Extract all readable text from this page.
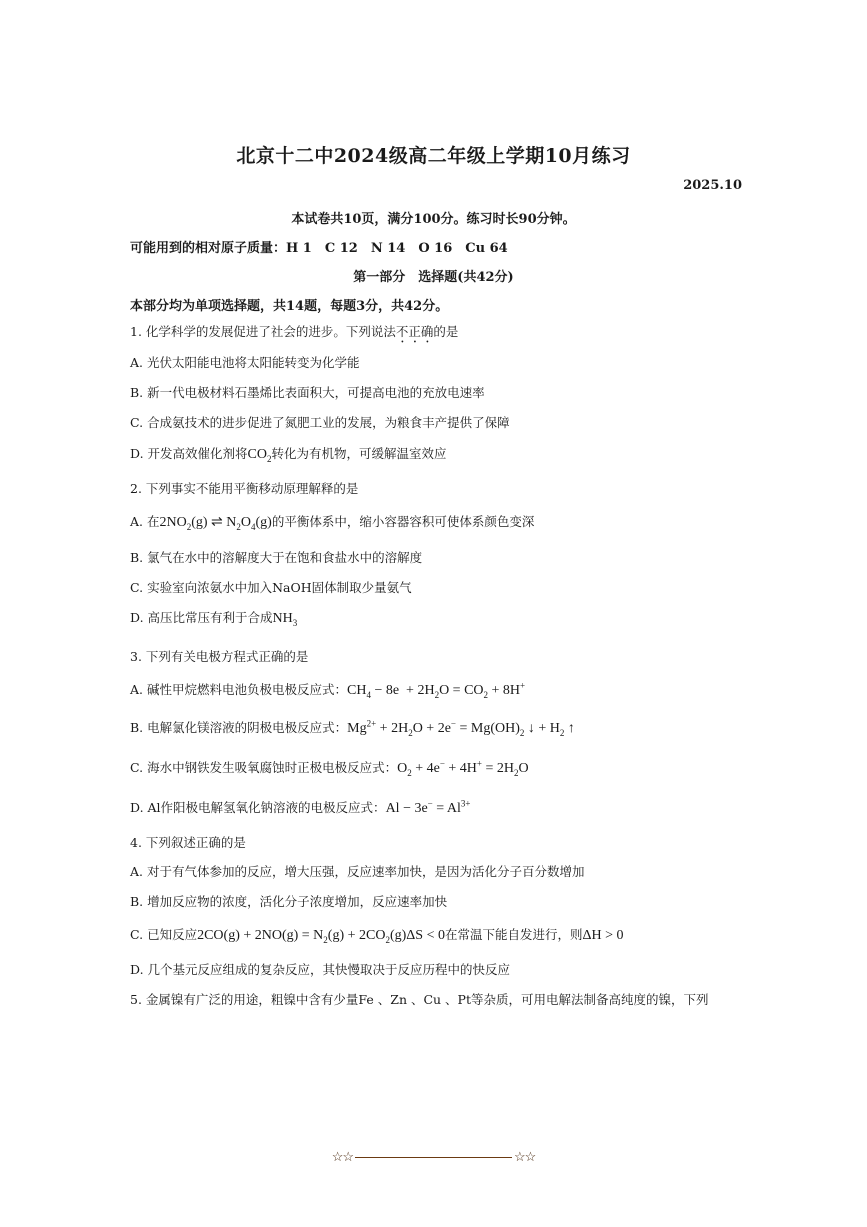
北京十二中2024级高二年级上学期10月练习
2025.10
本试卷共10页，满分100分。练习时长90分钟。
可能用到的相对原子质量：H 1　C 12　N 14　O 16　Cu 64
第一部分　选择题(共42分)
本部分均为单项选择题，共14题，每题3分，共42分。
1. 化学科学的发展促进了社会的进步。下列说法不正确的是
A. 光伏太阳能电池将太阳能转变为化学能
B. 新一代电极材料石墨烯比表面积大，可提高电池的充放电速率
C. 合成氨技术的进步促进了氮肥工业的发展，为粮食丰产提供了保障
D. 开发高效催化剂将$CO_2$转化为有机物，可缓解温室效应
2. 下列事实不能用平衡移动原理解释的是
A. 在$2NO_2(g)$ ⇌ $N_2O_4(g)$的平衡体系中，缩小容器容积可使体系颜色变深
B. 氯气在水中的溶解度大于在饱和食盐水中的溶解度
C. 实验室向浓氨水中加入NaOH固体制取少量氨气
D. 高压比常压有利于合成$NH_3$
3. 下列有关电极方程式正确的是
A. 碱性甲烷燃料电池负极电极反应式：$CH_4 - 8e + 2H_2O = CO_2 + 8H^+$
B. 电解氯化镁溶液的阴极电极反应式：$Mg^{2+} + 2H_2O + 2e^- = Mg(OH)_2$ ↓ + $H_2$ ↑
C. 海水中钢铁发生吸氧腐蚀时正极电极反应式：$O_2 + 4e^- + 4H^+ = 2H_2O$
D. Al作阳极电解氢氧化钠溶液的电极反应式：$Al - 3e^- = Al^{3+}$
4. 下列叙述正确的是
A. 对于有气体参加的反应，增大压强，反应速率加快，是因为活化分子百分数增加
B. 增加反应物的浓度，活化分子浓度增加，反应速率加快
C. 已知反应$2CO(g) + 2NO(g) = N_2(g) + 2CO_2(g)\Delta S < 0$在常温下能自发进行，则ΔH > 0
D. 几个基元反应组成的复杂反应，其快慢取决于反应历程中的快反应
5. 金属镍有广泛的用途，粗镍中含有少量Fe 、Zn 、Cu 、Pt等杂质，可用电解法制备高纯度的镍，下列
☆☆	☆☆
